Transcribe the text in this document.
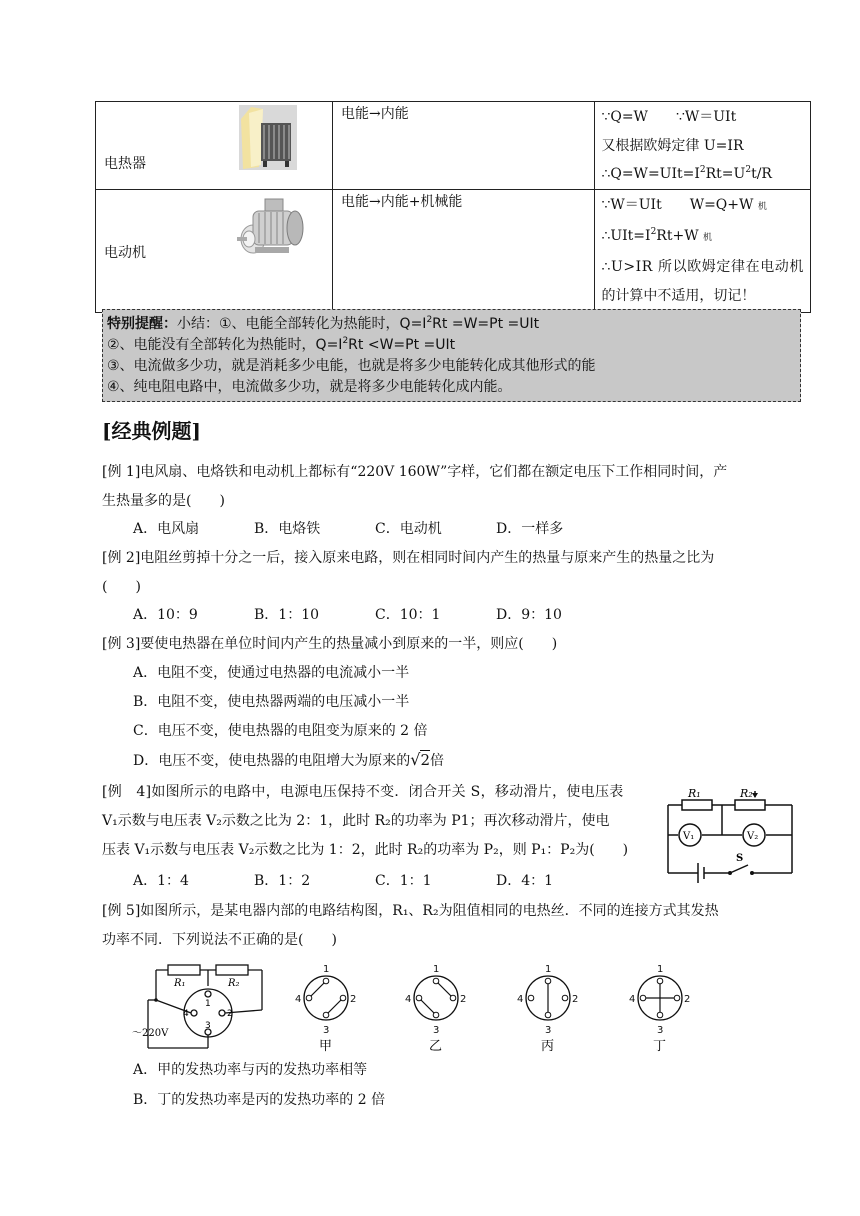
电热器	电能→内能	∵Q=W　　∵W＝UIt
又根据欧姆定律 U=IR
$\therefore Q=W=UIt=I^2Rt=U^2t/R$

电动机	电能→内能+机械能	∵W＝UIt　　W=Q+W 机
$\therefore UIt=I^2Rt+W$ 机
∴U>IR 所以欧姆定律在电动机
的计算中不适用，切记！
特别提醒：小结：①、电能全部转化为热能时，$Q=I^2Rt =W=Pt =UIt$
②、电能没有全部转化为热能时，$Q=I^2Rt <W=Pt =UIt$
③、电流做多少功，就是消耗多少电能，也就是将多少电能转化成其他形式的能
④、纯电阻电路中，电流做多少功，就是将多少电能转化成内能。
[经典例题]
[例 1]电风扇、电烙铁和电动机上都标有“220V 160W”字样，它们都在额定电压下工作相同时间，产
生热量多的是(　　)
A．电风扇	B．电烙铁	C．电动机	D．一样多
[例 2]电阻丝剪掉十分之一后，接入原来电路，则在相同时间内产生的热量与原来产生的热量之比为
(　　)
A．10：9	B．1：10	C．10：1	D．9：10
[例 3]要使电热器在单位时间内产生的热量减小到原来的一半，则应(　　)
A．电阻不变，使通过电热器的电流减小一半
B．电阻不变，使电热器两端的电压减小一半
C．电压不变，使电热器的电阻变为原来的 2 倍
D．电压不变，使电热器的电阻增大为原来的√2倍
[例　4]如图所示的电路中，电源电压保持不变．闭合开关 S，移动滑片，使电压表
V₁示数与电压表 V₂示数之比为 2：1，此时 R₂的功率为 P1；再次移动滑片，使电
压表 V₁示数与电压表 V₂示数之比为 1：2，此时 R₂的功率为 P₂，则 P₁：P₂为(　　)
A．1：4	B．1：2	C．1：1	D．4：1
R₁	R₂
V₁	V₂
S
[例 5]如图所示，是某电器内部的电路结构图，R₁、R₂为阻值相同的电热丝．不同的连接方式其发热
功率不同．下列说法不正确的是(　　)
R₁	R₂
～220V
1
2
3
4
1
4	2
3
1
4	2
3
1
4	2
3
1
4	2
3
甲	乙	丙	丁
A．甲的发热功率与丙的发热功率相等
B．丁的发热功率是丙的发热功率的 2 倍
